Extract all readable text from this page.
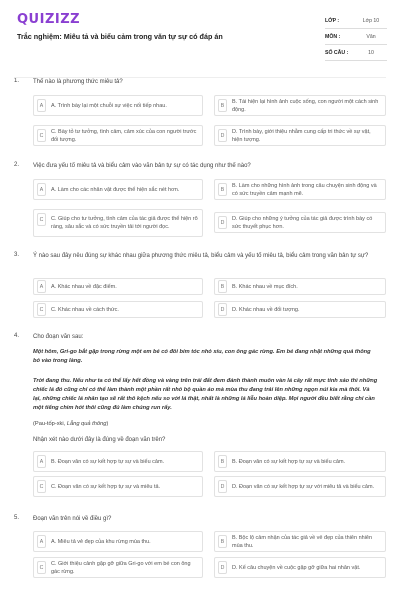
QUIZIZZ
Trắc nghiệm: Miêu tả và biểu cảm trong văn tự sự có đáp án
LỚP :	Lớp 10
MÔN :	Văn
SỐ CÂU :	10
1. Thế nào là phương thức miêu tả?
A	A. Trình bày lại một chuỗi sự việc nối tiếp nhau.	B
B. Tái hiện lại hình ảnh cuộc sống, con người một cách sinh động.
C
C. Bày tỏ tư tưởng, tình cảm, cảm xúc của con người trước đối tượng.
D
D. Trình bày, giới thiệu nhằm cung cấp tri thức về sự vật, hiện tượng.
2. Việc đưa yếu tố miêu tả và biểu cảm vào văn bản tự sự có tác dụng như thế nào?
A	A. Làm cho các nhân vật được thể hiện sắc nét hơn.	B
B. Làm cho những hình ảnh trong câu chuyện sinh động và có sức truyền cảm mạnh mẽ.
C	C. Giúp cho tư tưởng, tình cảm của tác giả được thể hiện rõ ràng, sâu sắc và có sức truyền tải tới người đọc.
D
D. Giúp cho những ý tưởng của tác giả được trình bày có sức thuyết phục hơn.
3. Ý nào sau đây nêu đúng sự khác nhau giữa phương thức miêu tả, biểu cảm và yếu tố miêu tả, biểu cảm trong văn bản tự sự?
A	A. Khác nhau về đặc điểm.	B	B. Khác nhau về mục đích.
C	C. Khác nhau về cách thức.	D	D. Khác nhau về đối tượng.
4. Cho đoạn văn sau:
Một hôm, Gri-go bắt gặp trong rừng một em bé có đôi bím tóc nhỏ xíu, con ông gác rừng. Em bé đang nhặt những quả thông bỏ vào trong làng.
Trời đang thu. Nếu như ta có thể lấy hết đồng và vàng trên trái đất đem đánh thành muôn vàn lá cây rất mực tinh xảo thì những chiếc lá đó cũng chỉ có thể làm thành một phần rất nhỏ bộ quần áo mà mùa thu đang trải lên những ngọn núi kia mà thôi. Và lại, những chiếc lá nhân tạo sẽ rất thô kệch nếu so với lá thật, nhất là những lá liễu hoàn diệp. Mọi người đều biết rằng chỉ cần một tiếng chim hót thôi cũng đủ làm chúng run rẩy.
(Pau-tốp-xki, Lẵng quả thông)
Nhận xét nào dưới đây là đúng về đoạn văn trên?
A	B. Đoạn văn có sự kết hợp tự sự và biểu cảm.	B	B. Đoạn văn có sự kết hợp tự sự và biểu cảm.
C	C. Đoạn văn có sự kết hợp tự sự và miêu tả.	D	D. Đoạn văn có sự kết hợp tự sự với miêu tả và biểu cảm.
5. Đoạn văn trên nói về điều gì?
A	A. Miêu tả vẻ đẹp của khu rừng mùa thu.	B
B. Bộc lộ cảm nhận của tác giả về vẻ đẹp của thiên nhiên mùa thu.
C
C. Giới thiệu cảnh gặp gỡ giữa Gri-go với em bé con ông gác rừng.
D	D. Kể câu chuyện về cuộc gặp gỡ giữa hai nhân vật.
